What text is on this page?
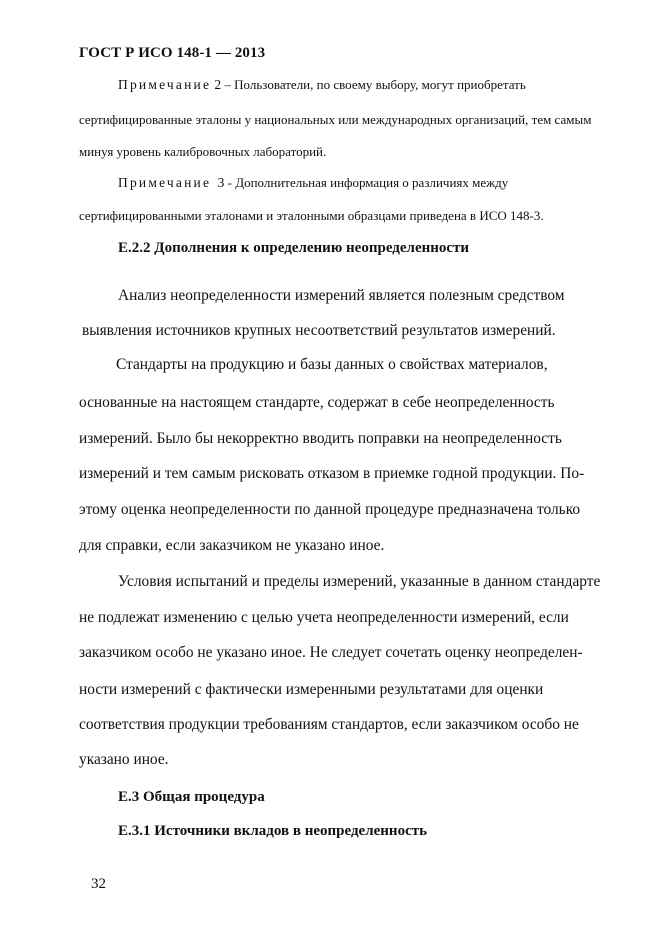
ГОСТ Р ИСО 148-1 — 2013
Примечание 2 – Пользователи, по своему выбору, могут приобретать
сертифицированные эталоны у национальных или международных организаций, тем самым
минуя уровень калибровочных лабораторий.
Примечание 3 - Дополнительная информация о различиях между
сертифицированными эталонами и эталонными образцами приведена в ИСО 148-3.
Е.2.2 Дополнения к определению неопределенности
Анализ неопределенности измерений является полезным средством
выявления источников крупных несоответствий результатов измерений.
Стандарты на продукцию и базы данных о свойствах материалов,
основанные на настоящем стандарте, содержат в себе неопределенность
измерений. Было бы некорректно вводить поправки на неопределенность
измерений и тем самым рисковать отказом в приемке годной продукции. По-
этому оценка неопределенности по данной процедуре предназначена только
для справки, если заказчиком не указано иное.
Условия испытаний и пределы измерений, указанные в данном стандарте
не подлежат изменению с целью учета неопределенности измерений, если
заказчиком особо не указано иное. Не следует сочетать оценку неопределен-
ности измерений с фактически измеренными результатами для оценки
соответствия продукции требованиям стандартов, если заказчиком особо не
указано иное.
Е.3 Общая процедура
Е.3.1 Источники вкладов в неопределенность
32
